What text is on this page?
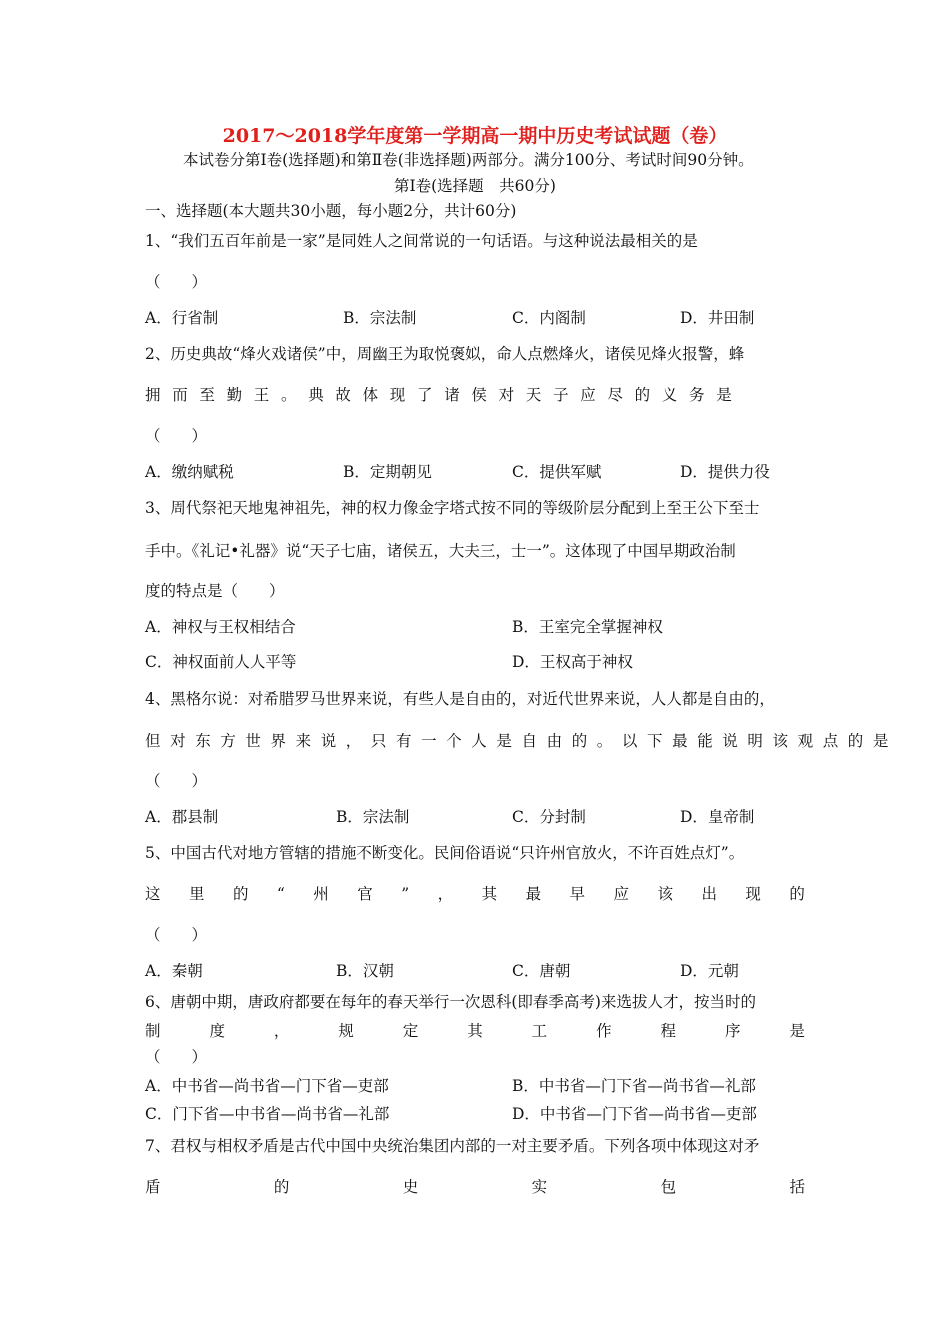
2017～2018学年度第一学期高一期中历史考试试题（卷）
本试卷分第Ⅰ卷(选择题)和第Ⅱ卷(非选择题)两部分。满分100分、考试时间90分钟。
第Ⅰ卷(选择题　共60分)
一、选择题(本大题共30小题，每小题2分，共计60分)
1、“我们五百年前是一家”是同姓人之间常说的一句话语。与这种说法最相关的是
（　　）
A．行省制	B．宗法制	C．内阁制	D．井田制
2、历史典故“烽火戏诸侯”中，周幽王为取悦褒姒，命人点燃烽火，诸侯见烽火报警，蜂
拥而至勤王。典故体现了诸侯对天子应尽的义务是
（　　）
A．缴纳赋税	B．定期朝见	C．提供军赋	D．提供力役
3、周代祭祀天地鬼神祖先，神的权力像金字塔式按不同的等级阶层分配到上至王公下至士
手中。《礼记•礼器》说“天子七庙，诸侯五，大夫三，士一”。这体现了中国早期政治制
度的特点是（　　）
A．神权与王权相结合	B．王室完全掌握神权
C．神权面前人人平等	D．王权高于神权
4、黑格尔说：对希腊罗马世界来说，有些人是自由的，对近代世界来说，人人都是自由的，
但对东方世界来说，只有一个人是自由的。以下最能说明该观点的是
（　　）
A．郡县制	B．宗法制	C．分封制	D．皇帝制
5、中国古代对地方管辖的措施不断变化。民间俗语说“只许州官放火，不许百姓点灯”。
这 里 的 “ 州 官 ” ， 其 最 早 应 该 出 现 的
（　　）
A．秦朝	B．汉朝	C．唐朝	D．元朝
6、唐朝中期，唐政府都要在每年的春天举行一次恩科(即春季高考)来选拔人才，按当时的
制	度	，	规	定	其	工	作	程	序	是
（　　）
A．中书省—尚书省—门下省—吏部	B．中书省—门下省—尚书省—礼部
C．门下省—中书省—尚书省—礼部	D．中书省—门下省—尚书省—吏部
7、君权与相权矛盾是古代中国中央统治集团内部的一对主要矛盾。下列各项中体现这对矛
盾	的	史	实	包	括
